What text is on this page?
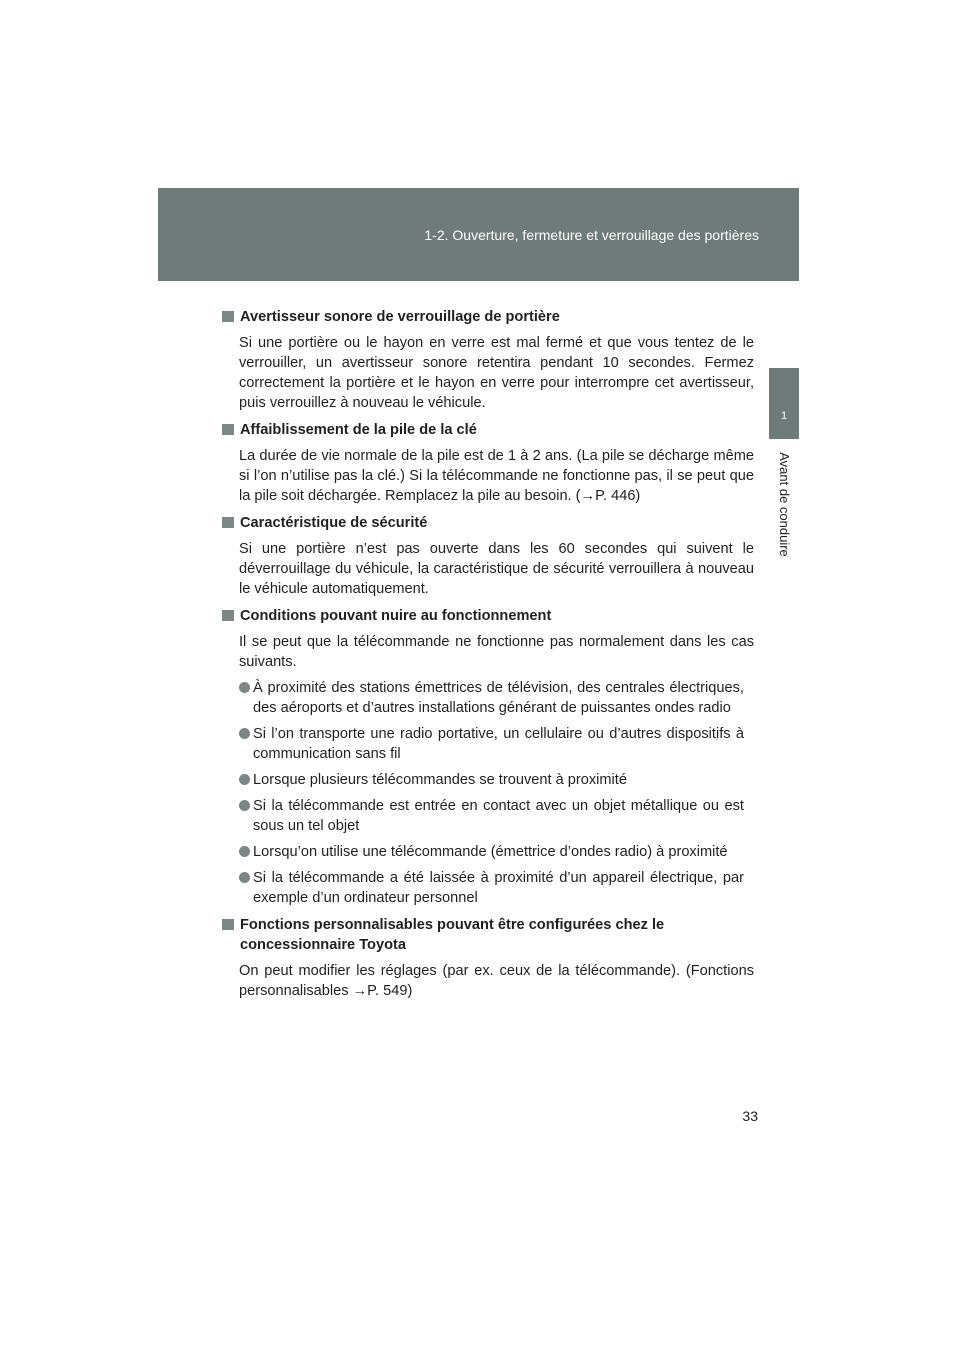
1-2. Ouverture, fermeture et verrouillage des portières
1
Avant de conduire
Avertisseur sonore de verrouillage de portière
Si une portière ou le hayon en verre est mal fermé et que vous tentez de le verrouiller, un avertisseur sonore retentira pendant 10 secondes. Fermez correctement la portière et le hayon en verre pour interrompre cet avertisseur, puis verrouillez à nouveau le véhicule.
Affaiblissement de la pile de la clé
La durée de vie normale de la pile est de 1 à 2 ans. (La pile se décharge même si l’on n’utilise pas la clé.) Si la télécommande ne fonctionne pas, il se peut que la pile soit déchargée. Remplacez la pile au besoin. (→P. 446)
Caractéristique de sécurité
Si une portière n’est pas ouverte dans les 60 secondes qui suivent le déverrouillage du véhicule, la caractéristique de sécurité verrouillera à nouveau le véhicule automatiquement.
Conditions pouvant nuire au fonctionnement
Il se peut que la télécommande ne fonctionne pas normalement dans les cas suivants.
À proximité des stations émettrices de télévision, des centrales électriques, des aéroports et d’autres installations générant de puissantes ondes radio
Si l’on transporte une radio portative, un cellulaire ou d’autres dispositifs à communication sans fil
Lorsque plusieurs télécommandes se trouvent à proximité
Si la télécommande est entrée en contact avec un objet métallique ou est sous un tel objet
Lorsqu’on utilise une télécommande (émettrice d’ondes radio) à proximité
Si la télécommande a été laissée à proximité d’un appareil électrique, par exemple d’un ordinateur personnel
Fonctions personnalisables pouvant être configurées chez le concessionnaire Toyota
On peut modifier les réglages (par ex. ceux de la télécommande). (Fonctions personnalisables →P. 549)
33
